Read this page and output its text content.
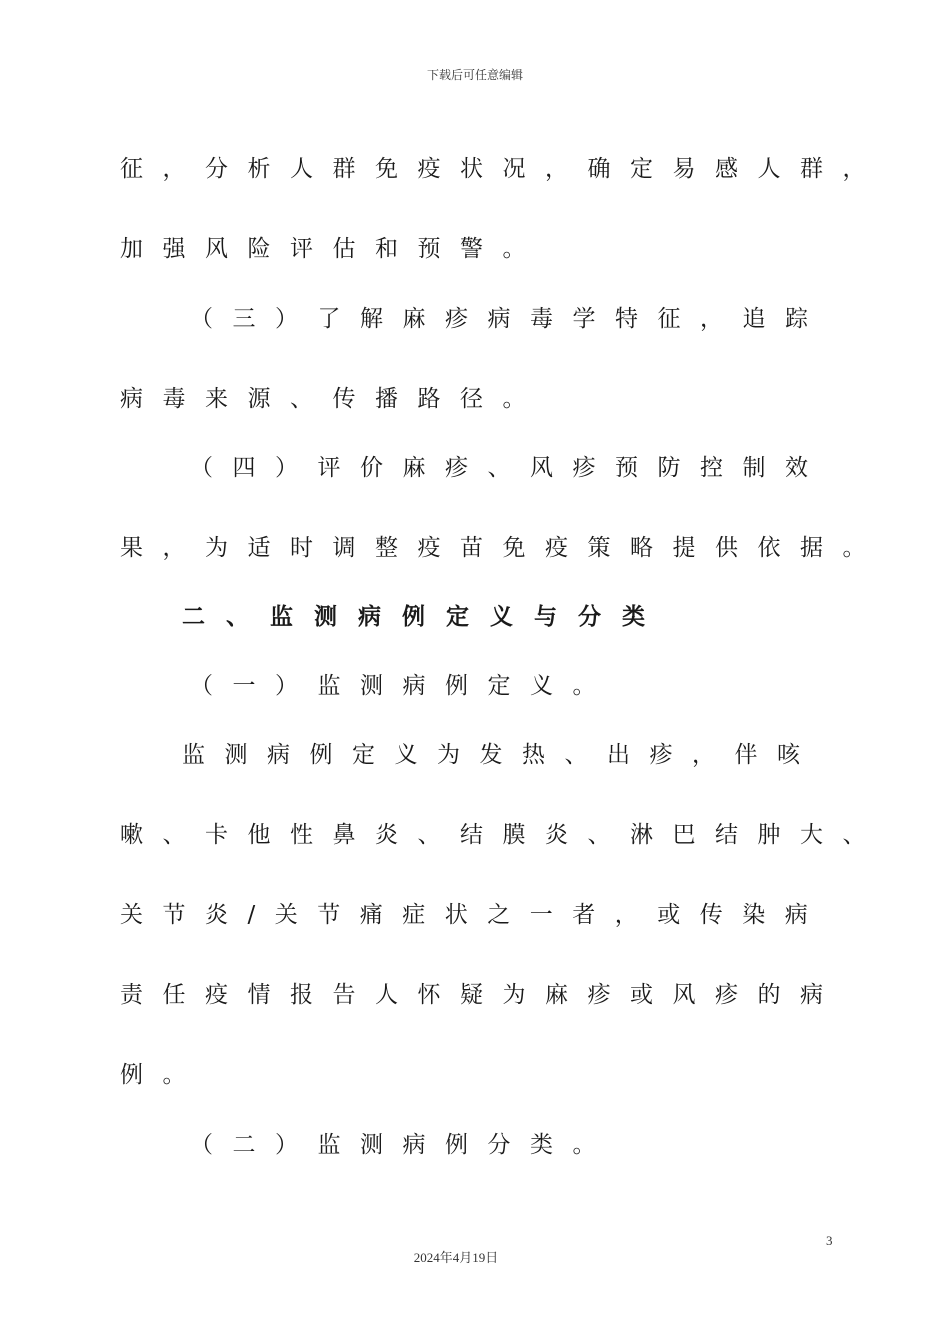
下载后可任意编辑
征，分析人群免疫状况，确定易感人群，
加强风险评估和预警。
（三）了解麻疹病毒学特征，追踪
病毒来源、传播路径。
（四）评价麻疹、风疹预防控制效
果，为适时调整疫苗免疫策略提供依据。
二、监测病例定义与分类
（一）监测病例定义。
监测病例定义为发热、出疹，伴咳
嗽、卡他性鼻炎、结膜炎、淋巴结肿大、
关节炎/关节痛症状之一者，或传染病
责任疫情报告人怀疑为麻疹或风疹的病
例。
（二）监测病例分类。
3
2024年4月19日
